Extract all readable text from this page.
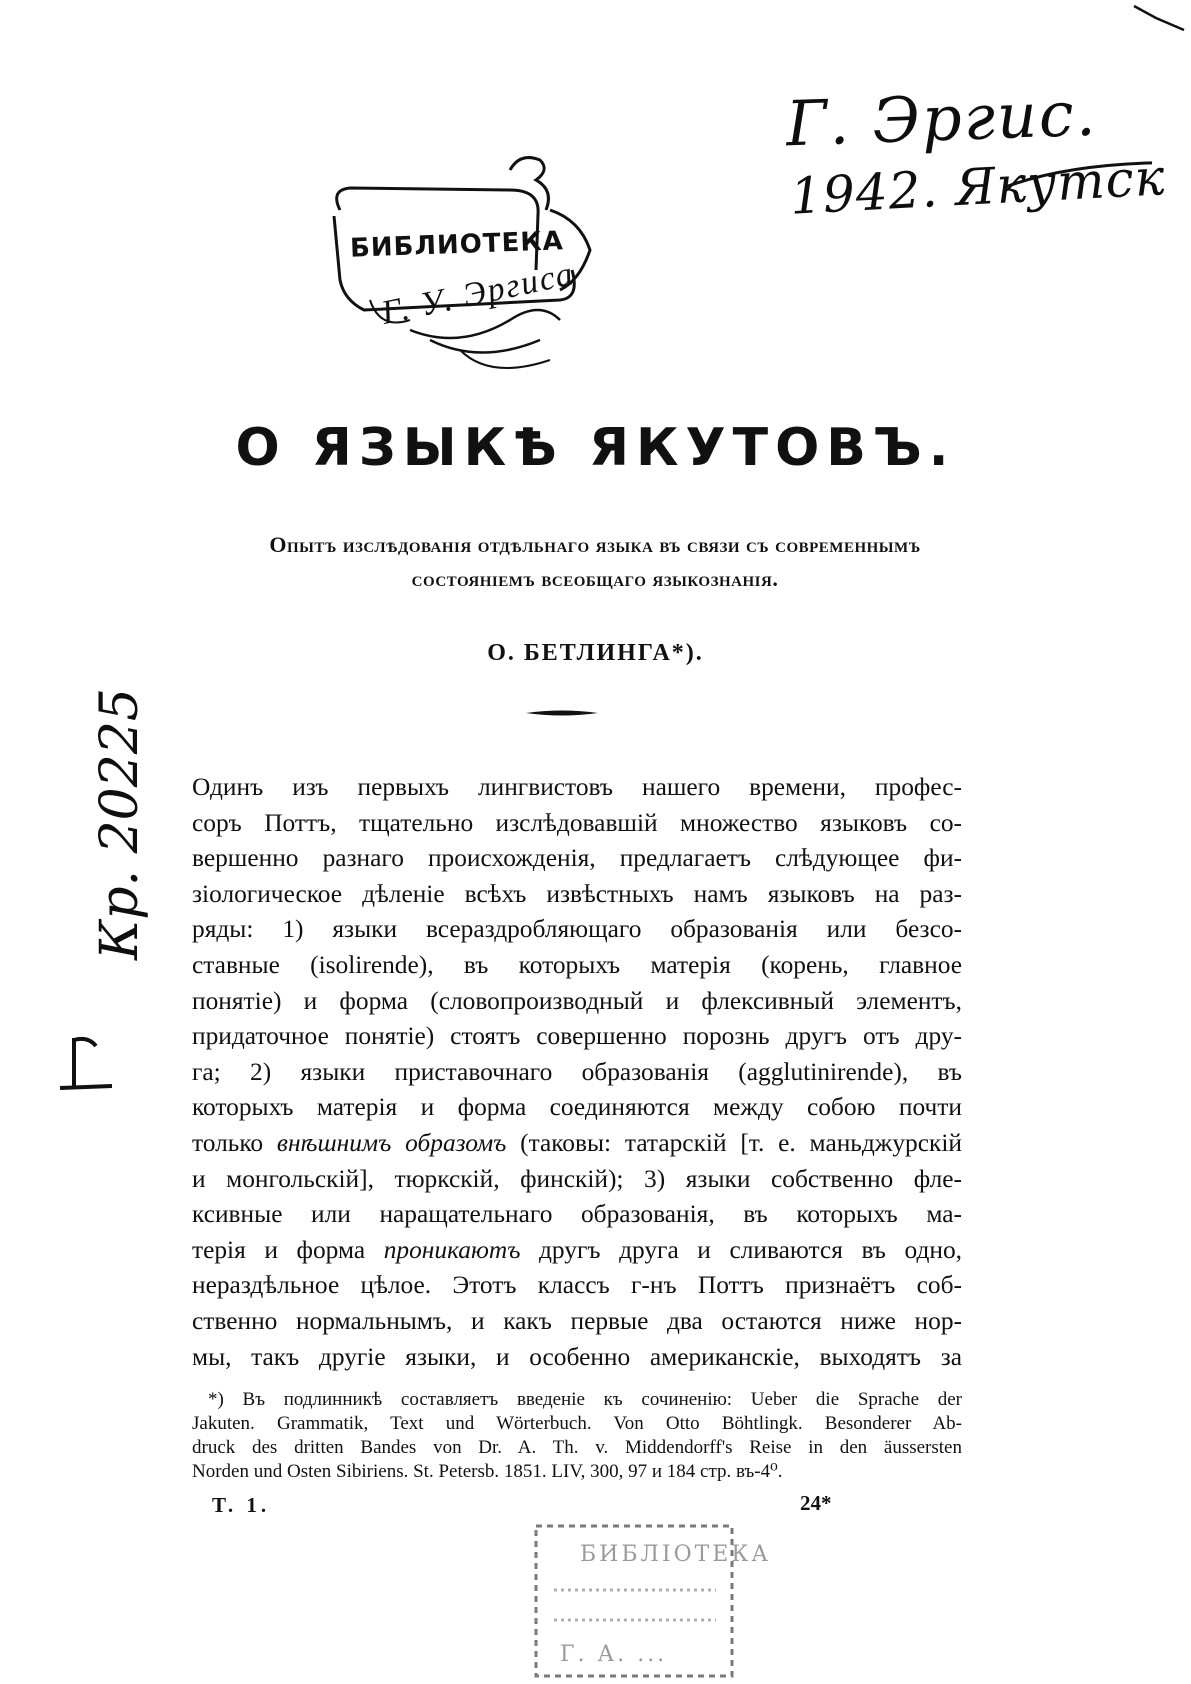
Г. Эргис.
1942. Якутск
Кр. 20225
БИБЛИОТЕКА
Г. У. Эргиса
О ЯЗЫКѢ ЯКУТОВЪ.
Опытъ изслѣдованія отдѣльнаго языка въ связи съ современнымъ
состояніемъ всеобщаго языкознанія.
О. БЕТЛИНГА*).
Одинъ изъ первыхъ лингвистовъ нашего времени, профес-
соръ Поттъ, тщательно изслѣдовавшій множество языковъ со-
вершенно разнаго происхожденія, предлагаетъ слѣдующее фи-
зіологическое дѣленіе всѣхъ извѣстныхъ намъ языковъ на раз-
ряды: 1) языки всераздробляющаго образованія или безсо-
ставные (isolirende), въ которыхъ матерія (корень, главное
понятіе) и форма (словопроизводный и флексивный элементъ,
придаточное понятіе) стоятъ совершенно порознь другъ отъ дру-
га; 2) языки приставочнаго образованія (agglutinirende), въ
которыхъ матерія и форма соединяются между собою почти
только внѣшнимъ образомъ (таковы: татарскій [т. е. маньджурскій
и монгольскій], тюркскій, финскій); 3) языки собственно фле-
ксивные или наращательнаго образованія, въ которыхъ ма-
терія и форма проникаютъ другъ друга и сливаются въ одно,
нераздѣльное цѣлое. Этотъ классъ г-нъ Поттъ признаётъ соб-
ственно нормальнымъ, и какъ первые два остаются ниже нор-
мы, такъ другіе языки, и особенно американскіе, выходятъ за
*) Въ подлинникѣ составляетъ введеніе къ сочиненію: Ueber die Sprache der
Jakuten. Grammatik, Text und Wörterbuch. Von Otto Böhtlingk. Besonderer Ab-
druck des dritten Bandes von Dr. A. Th. v. Middendorff's Reise in den äussersten
Norden und Osten Sibiriens. St. Petersb. 1851. LIV, 300, 97 и 184 стр. въ-4⁰.
Т. 1.	24*
БИБЛІОТЕКА
Г. А. ...
